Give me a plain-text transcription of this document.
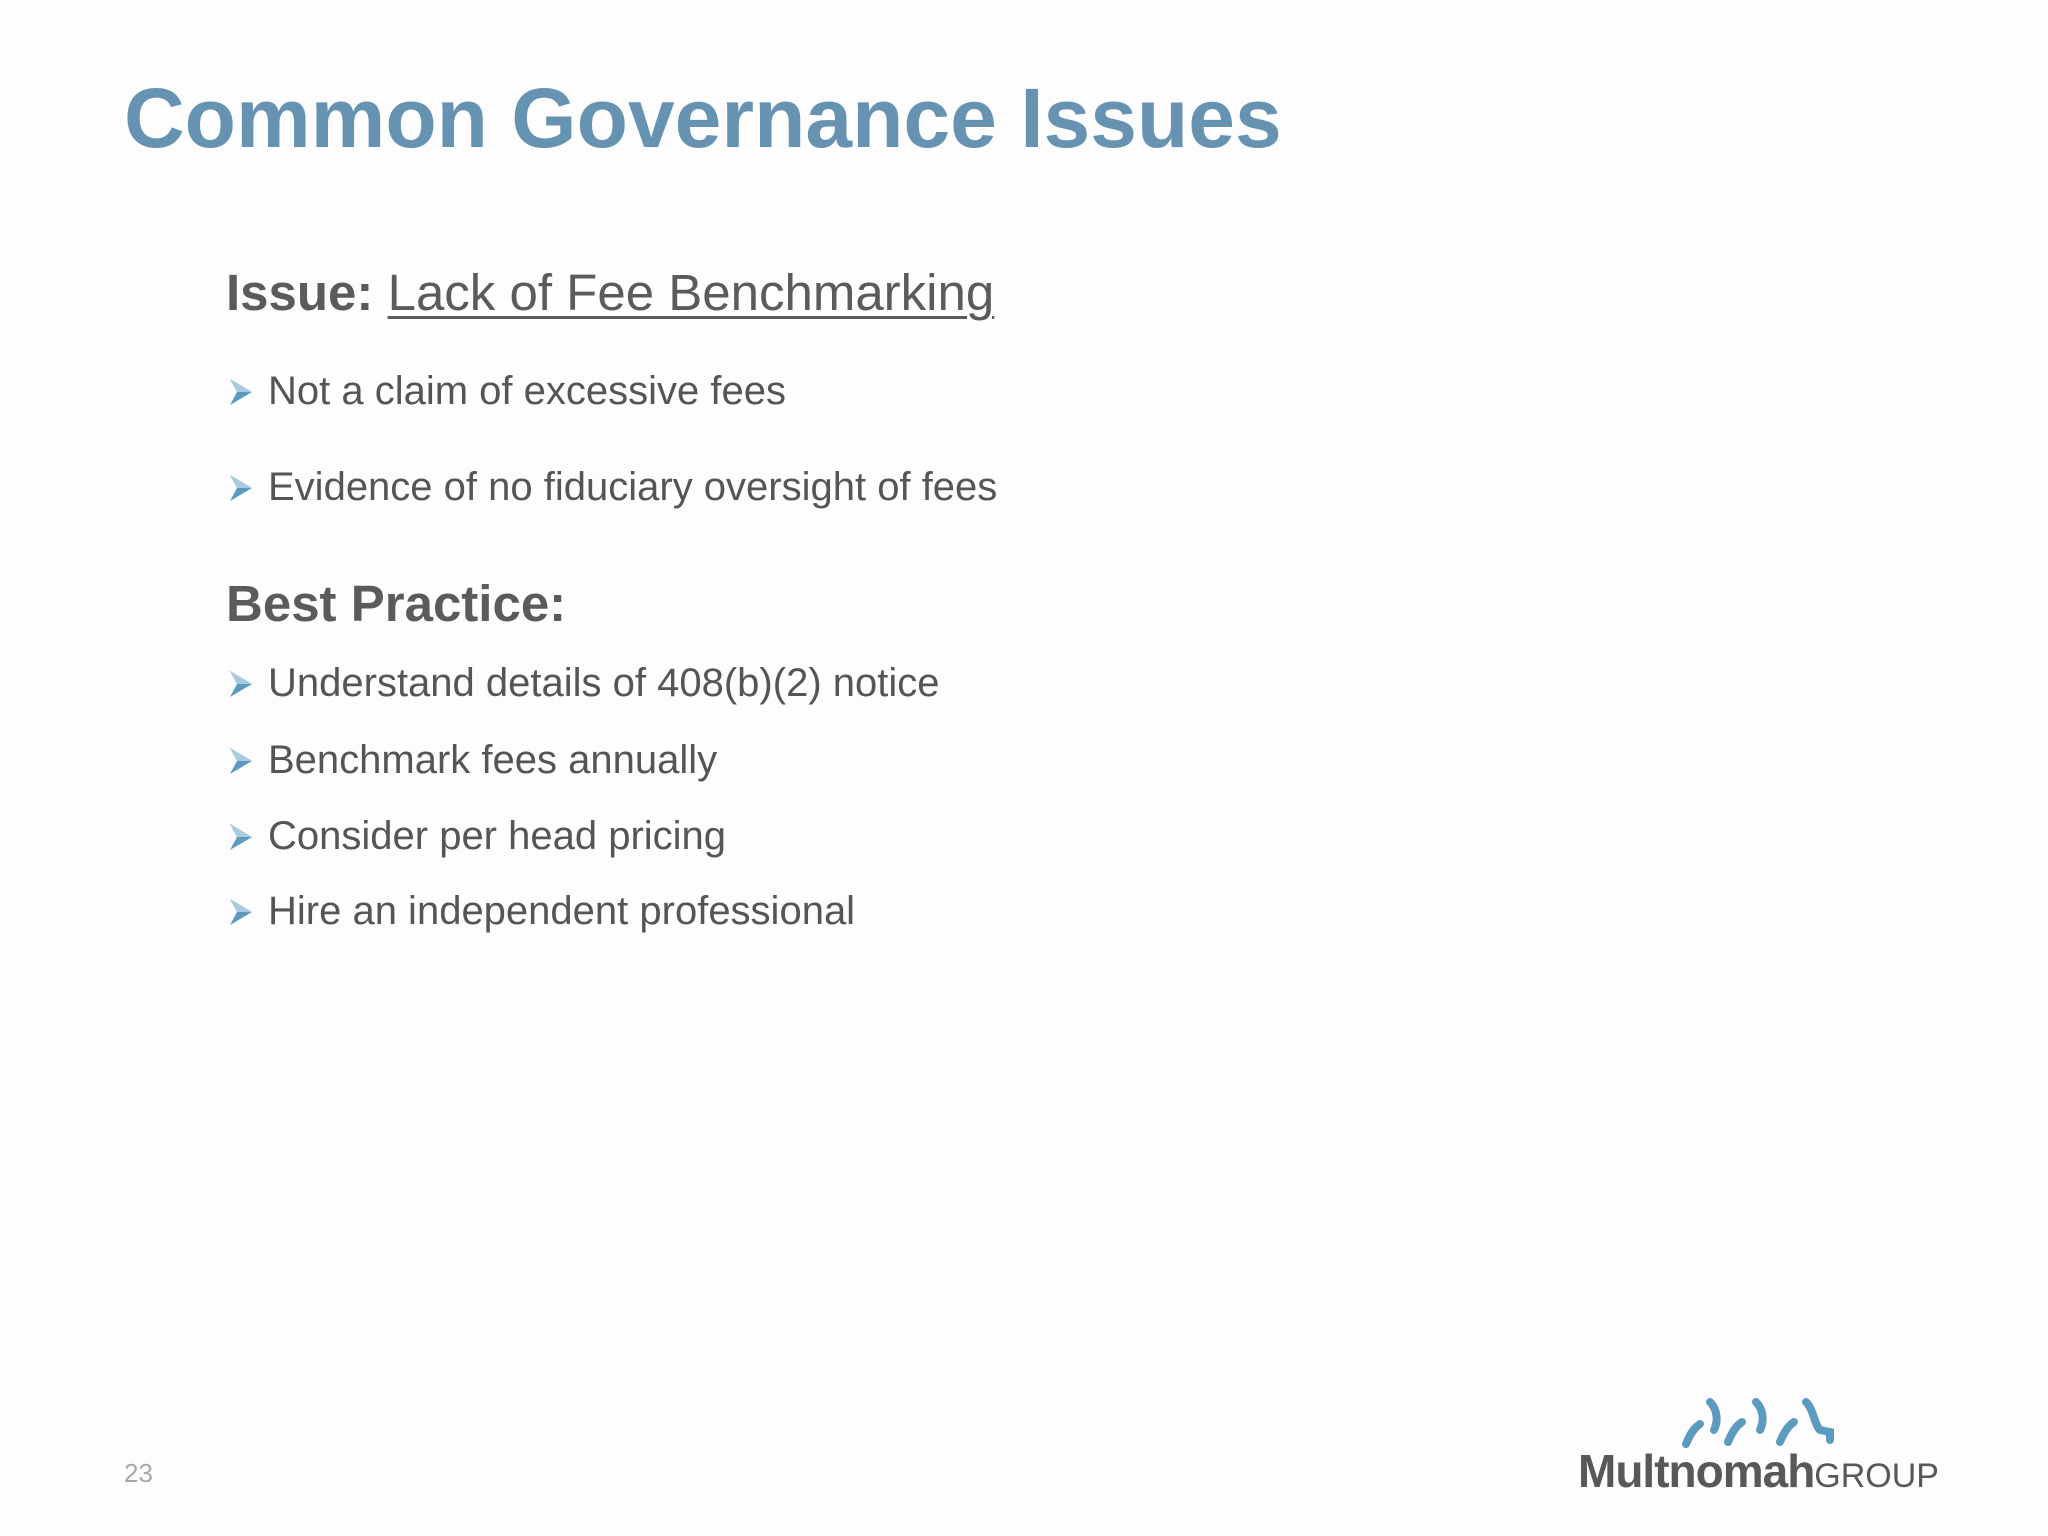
Common Governance Issues
Issue: Lack of Fee Benchmarking
Not a claim of excessive fees
Evidence of no fiduciary oversight of fees
Best Practice:
Understand details of 408(b)(2) notice
Benchmark fees annually
Consider per head pricing
Hire an independent professional
23	MultnomahGROUP
